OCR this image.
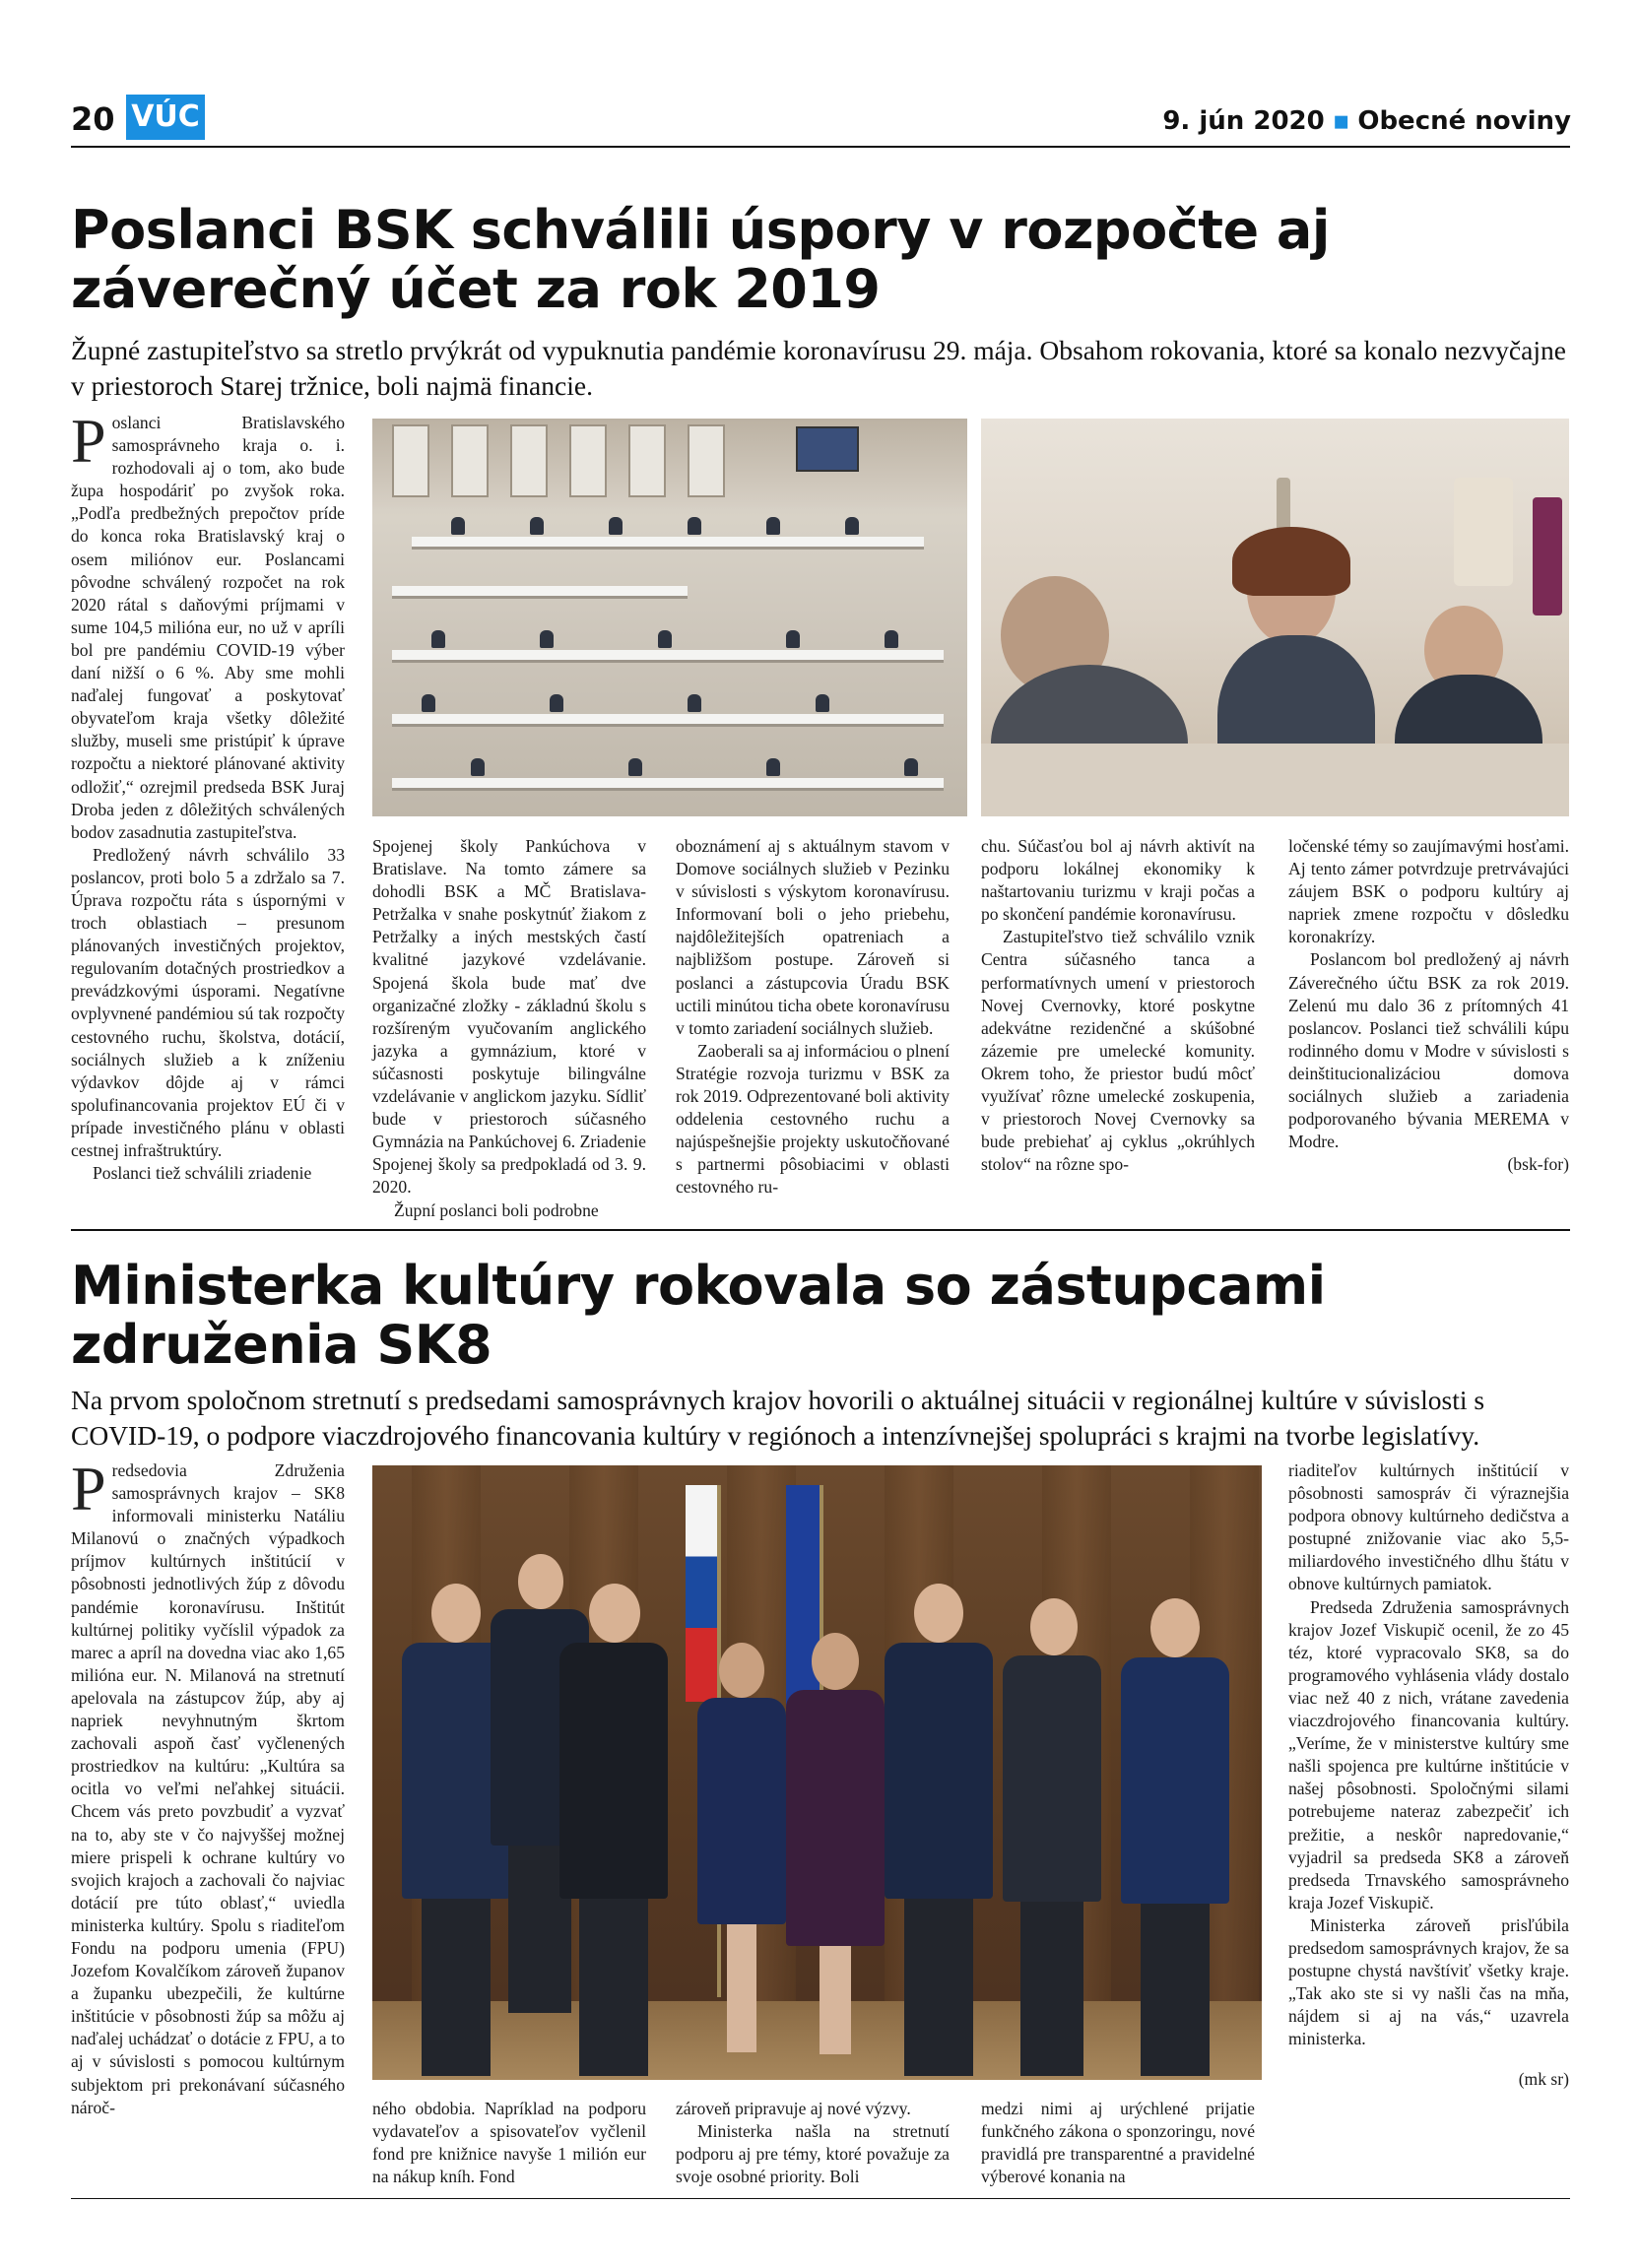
20 VÚC	9. jún 2020 ▪ Obecné noviny
Poslanci BSK schválili úspory v rozpočte aj záverečný účet za rok 2019
Župné zastupiteľstvo sa stretlo prvýkrát od vypuknutia pandémie koronavírusu 29. mája. Obsahom rokovania, ktoré sa konalo nezvyčajne v priestoroch Starej tržnice, boli najmä financie.

Poslanci Bratislavského samosprávneho kraja o. i. rozhodovali aj o tom, ako bude župa hospodáriť po zvyšok roka. „Podľa predbežných prepočtov príde do konca roka Bratislavský kraj o osem miliónov eur. Poslancami pôvodne schválený rozpočet na rok 2020 rátal s daňovými príjmami v sume 104,5 milióna eur, no už v apríli bol pre pandémiu COVID-19 výber daní nižší o 6 %. Aby sme mohli naďalej fungovať a poskytovať obyvateľom kraja všetky dôležité služby, museli sme pristúpiť k úprave rozpočtu a niektoré plánované aktivity odložiť,“ ozrejmil predseda BSK Juraj Droba jeden z dôležitých schválených bodov zasadnutia zastupiteľstva.

Predložený návrh schválilo 33 poslancov, proti bolo 5 a zdržalo sa 7. Úprava rozpočtu ráta s úspornými v troch oblastiach – presunom plánovaných investičných projektov, regulovaním dotačných prostriedkov a prevádzkovými úsporami. Negatívne ovplyvnené pandémiou sú tak rozpočty cestovného ruchu, školstva, dotácií, sociálnych služieb a k zníženiu výdavkov dôjde aj v rámci spolufinancovania projektov EÚ či v prípade investičného plánu v oblasti cestnej infraštruktúry.

Poslanci tiež schválili zriadenie

Spojenej školy Pankúchova v Bratislave. Na tomto zámere sa dohodli BSK a MČ Bratislava-Petržalka v snahe poskytnúť žiakom z Petržalky a iných mestských častí kvalitné jazykové vzdelávanie. Spojená škola bude mať dve organizačné zložky - základnú školu s rozšíreným vyučovaním anglického jazyka a gymnázium, ktoré v súčasnosti poskytuje bilingválne vzdelávanie v anglickom jazyku. Sídliť bude v priestoroch súčasného Gymnázia na Pankúchovej 6. Zriadenie Spojenej školy sa predpokladá od 3. 9. 2020.

Župní poslanci boli podrobne

oboznámení aj s aktuálnym stavom v Domove sociálnych služieb v Pezinku v súvislosti s výskytom koronavírusu. Informovaní boli o jeho priebehu, najdôležitejších opatreniach a najbližšom postupe. Zároveň si poslanci a zástupcovia Úradu BSK uctili minútou ticha obete koronavírusu v tomto zariadení sociálnych služieb.

Zaoberali sa aj informáciou o plnení Stratégie rozvoja turizmu v BSK za rok 2019. Odprezentované boli aktivity oddelenia cestovného ruchu a najúspešnejšie projekty uskutočňované s partnermi pôsobiacimi v oblasti cestovného ru-

chu. Súčasťou bol aj návrh aktivít na podporu lokálnej ekonomiky k naštartovaniu turizmu v kraji počas a po skončení pandémie koronavírusu.

Zastupiteľstvo tiež schválilo vznik Centra súčasného tanca a performatívnych umení v priestoroch Novej Cvernovky, ktoré poskytne adekvátne rezidenčné a skúšobné zázemie pre umelecké komunity. Okrem toho, že priestor budú môcť využívať rôzne umelecké zoskupenia, v priestoroch Novej Cvernovky sa bude prebiehať aj cyklus „okrúhlych stolov“ na rôzne spo-

ločenské témy so zaujímavými hosťami. Aj tento zámer potvrdzuje pretrvávajúci záujem BSK o podporu kultúry aj napriek zmene rozpočtu v dôsledku koronakrízy.

Poslancom bol predložený aj návrh Záverečného účtu BSK za rok 2019. Zelenú mu dalo 36 z prítomných 41 poslancov. Poslanci tiež schválili kúpu rodinného domu v Modre v súvislosti s deinštitucionalizáciou domova sociálnych služieb a zariadenia podporovaného bývania MEREMA v Modre.

(bsk-for)

Ministerka kultúry rokovala so zástupcami združenia SK8
Na prvom spoločnom stretnutí s predsedami samosprávnych krajov hovorili o aktuálnej situácii v regionálnej kultúre v súvislosti s COVID-19, o podpore viaczdrojového financovania kultúry v regiónoch a intenzívnejšej spolupráci s krajmi na tvorbe legislatívy.

Predsedovia Združenia samosprávnych krajov – SK8 informovali ministerku Natáliu Milanovú o značných výpadkoch príjmov kultúrnych inštitúcií v pôsobnosti jednotlivých žúp z dôvodu pandémie koronavírusu. Inštitút kultúrnej politiky vyčíslil výpadok za marec a apríl na dovedna viac ako 1,65 milióna eur. N. Milanová na stretnutí apelovala na zástupcov žúp, aby aj napriek nevyhnutným škrtom zachovali aspoň časť vyčlenených prostriedkov na kultúru: „Kultúra sa ocitla vo veľmi neľahkej situácii. Chcem vás preto povzbudiť a vyzvať na to, aby ste v čo najvyššej možnej miere prispeli k ochrane kultúry vo svojich krajoch a zachovali čo najviac dotácií pre túto oblasť,“ uviedla ministerka kultúry. Spolu s riaditeľom Fondu na podporu umenia (FPU) Jozefom Kovalčíkom zároveň županov a županku ubezpečili, že kultúrne inštitúcie v pôsobnosti žúp sa môžu aj naďalej uchádzať o dotácie z FPU, a to aj v súvislosti s pomocou kultúrnym subjektom pri prekonávaní súčasného nároč-	ného obdobia. Napríklad na podporu vydavateľov a spisovateľov vyčlenil fond pre knižnice navyše 1 milión eur na nákup kníh. Fond

zároveň pripravuje aj nové výzvy.

Ministerka našla na stretnutí podporu aj pre témy, ktoré považuje za svoje osobné priority. Boli

medzi nimi aj urýchlené prijatie funkčného zákona o sponzoringu, nové pravidlá pre transparentné a pravidelné výberové konania na

riaditeľov kultúrnych inštitúcií v pôsobnosti samospráv či výraznejšia podpora obnovy kultúrneho dedičstva a postupné znižovanie viac ako 5,5-miliardového investičného dlhu štátu v obnove kultúrnych pamiatok.

Predseda Združenia samosprávnych krajov Jozef Viskupič ocenil, že zo 45 téz, ktoré vypracovalo SK8, sa do programového vyhlásenia vlády dostalo viac než 40 z nich, vrátane zavedenia viaczdrojového financovania kultúry. „Veríme, že v ministerstve kultúry sme našli spojenca pre kultúrne inštitúcie v našej pôsobnosti. Spoločnými silami potrebujeme nateraz zabezpečiť ich prežitie, a neskôr napredovanie,“ vyjadril sa predseda SK8 a zároveň predseda Trnavského samosprávneho kraja Jozef Viskupič.

Ministerka zároveň prisľúbila predsedom samosprávnych krajov, že sa postupne chystá navštíviť všetky kraje. „Tak ako ste si vy našli čas na mňa, nájdem si aj na vás,“ uzavrela ministerka.

(mk sr)
